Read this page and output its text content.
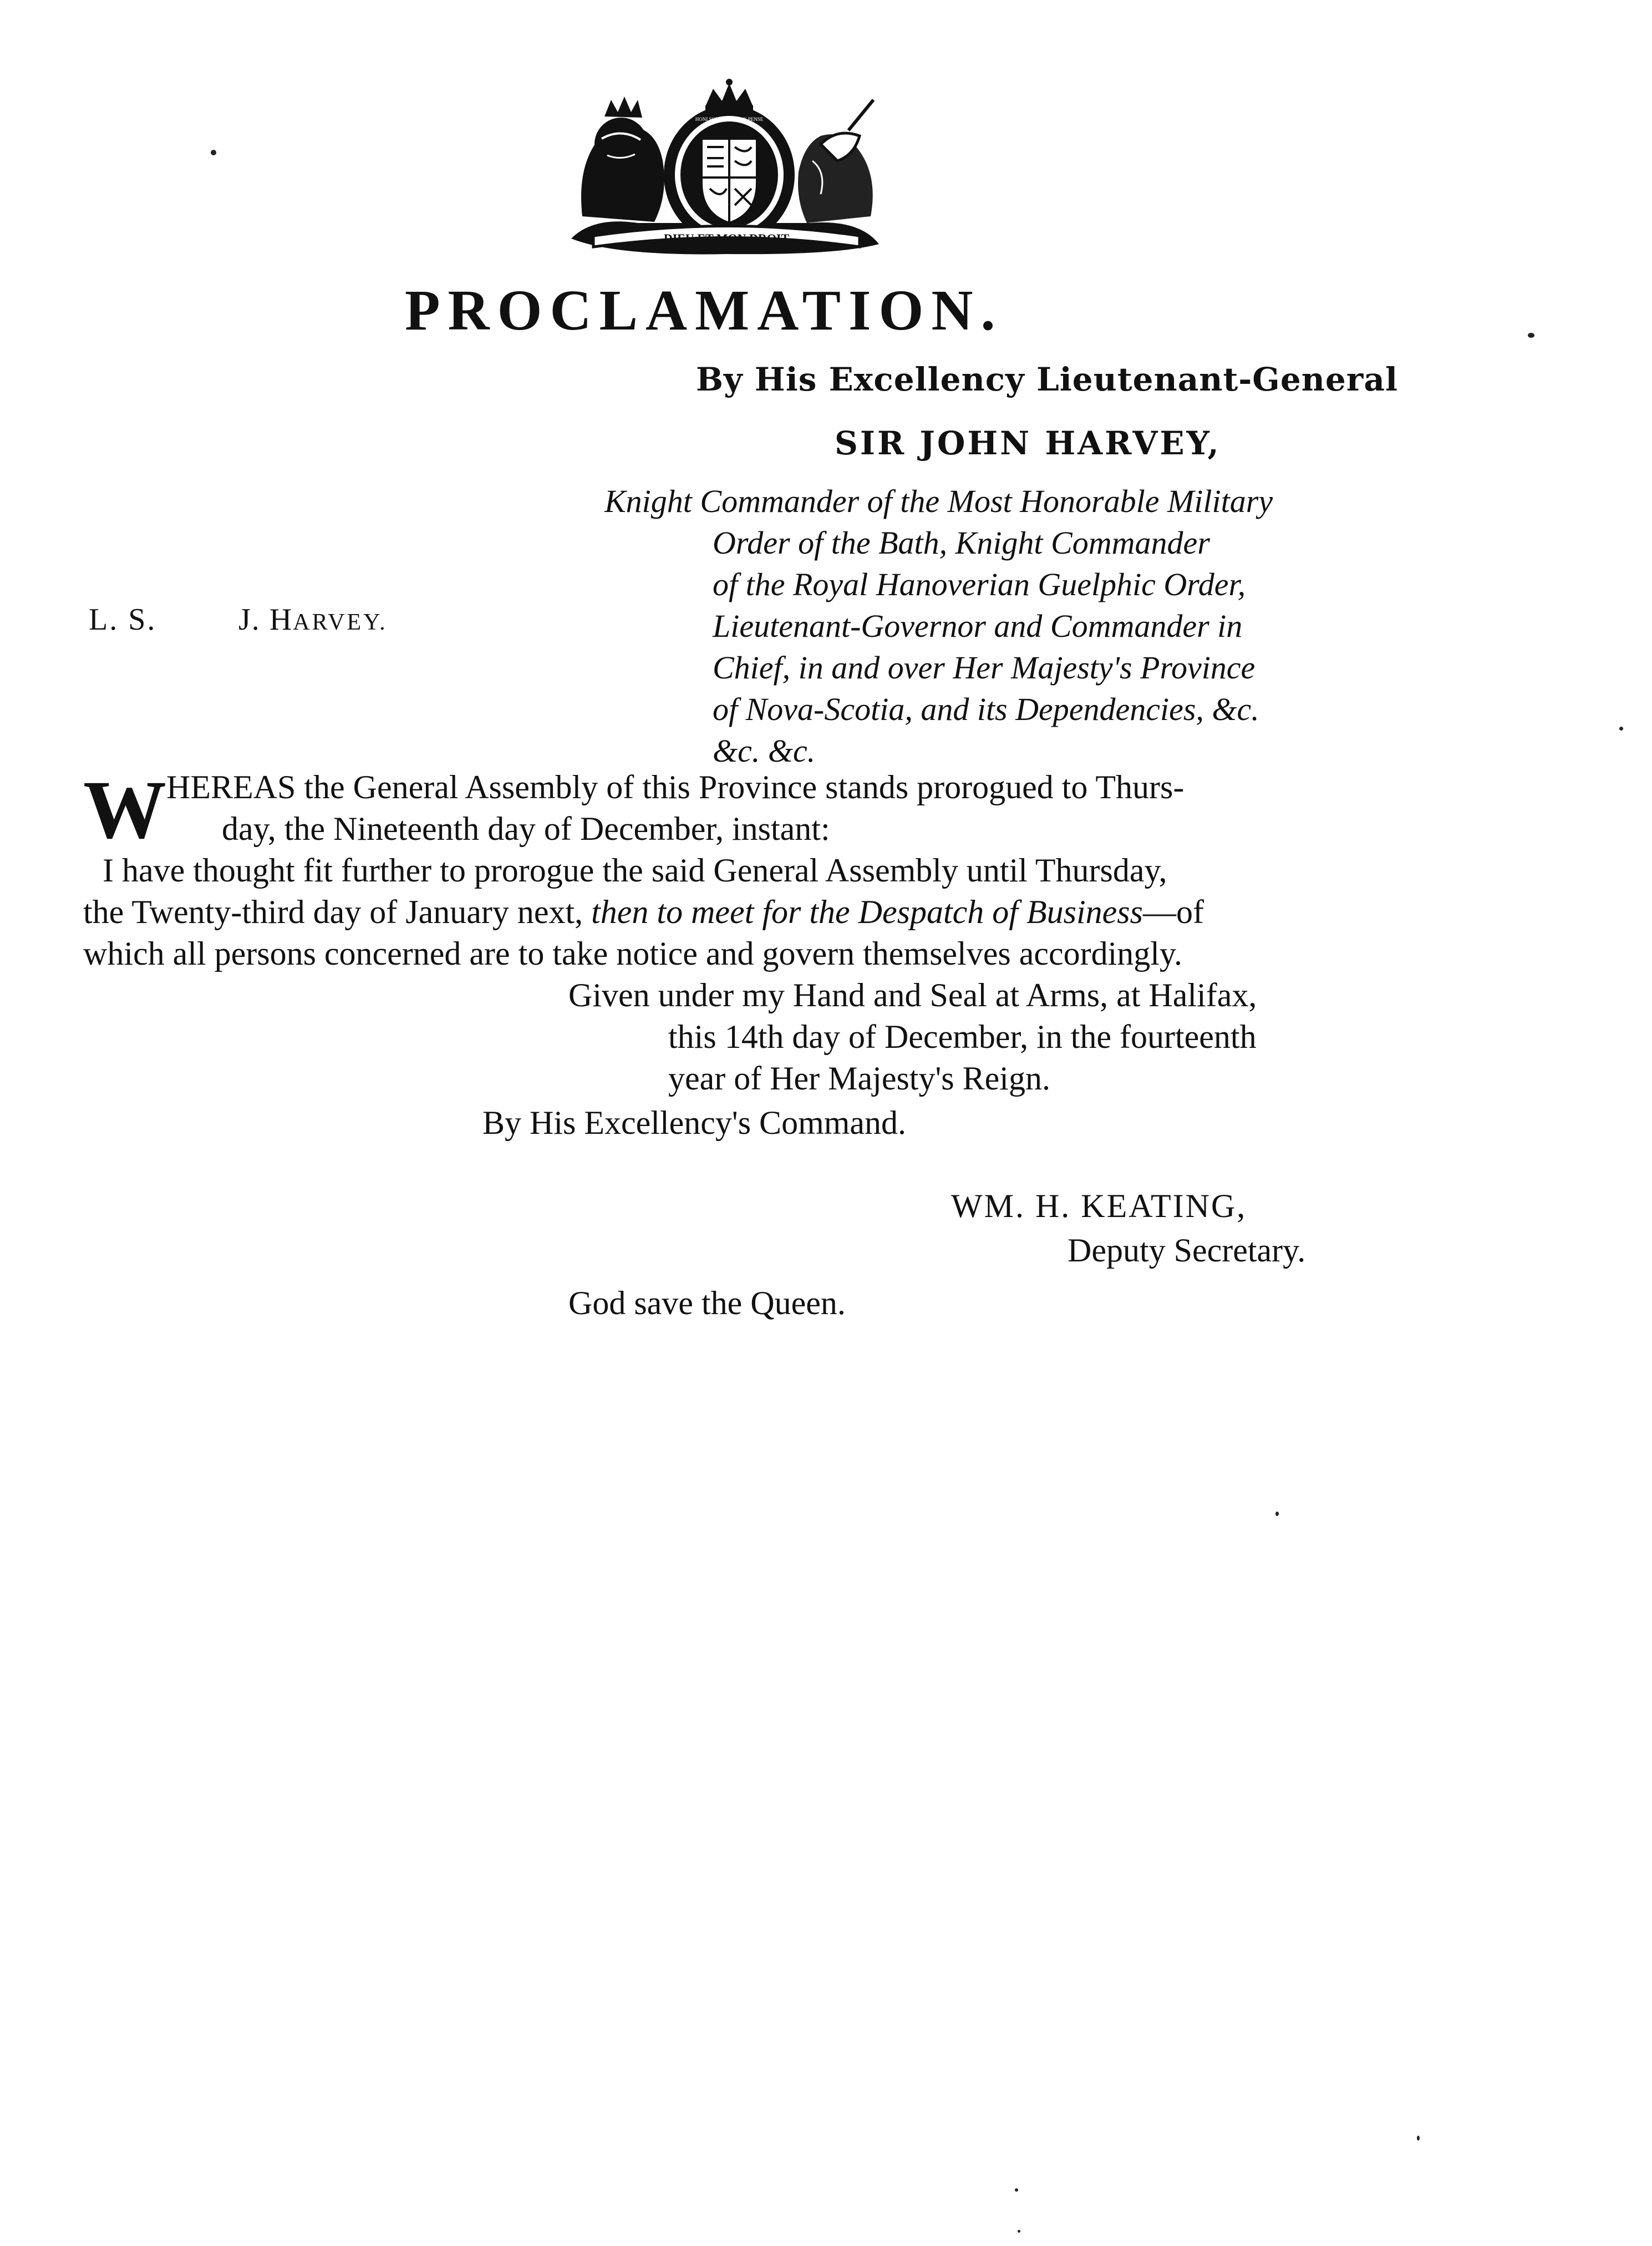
DIEU ET MON DROIT
HONI SOIT QUI MAL Y PENSE
PROCLAMATION.
By His Excellency Lieutenant-General
SIR JOHN HARVEY,
Knight Commander of the Most Honorable Military
Order of the Bath, Knight Commander
of the Royal Hanoverian Guelphic Order,
Lieutenant-Governor and Commander in
Chief, in and over Her Majesty's Province
of Nova-Scotia, and its Dependencies, &c.
&c. &c.
L. S.	J. HARVEY.
W HEREAS the General Assembly of this Province stands prorogued to Thurs-
day, the Nineteenth day of December, instant:
I have thought fit further to prorogue the said General Assembly until Thursday,
the Twenty-third day of January next, then to meet for the Despatch of Business—of
which all persons concerned are to take notice and govern themselves accordingly.
Given under my Hand and Seal at Arms, at Halifax,
this 14th day of December, in the fourteenth
year of Her Majesty's Reign.
By His Excellency's Command.
WM. H. KEATING,
Deputy Secretary.
God save the Queen.
